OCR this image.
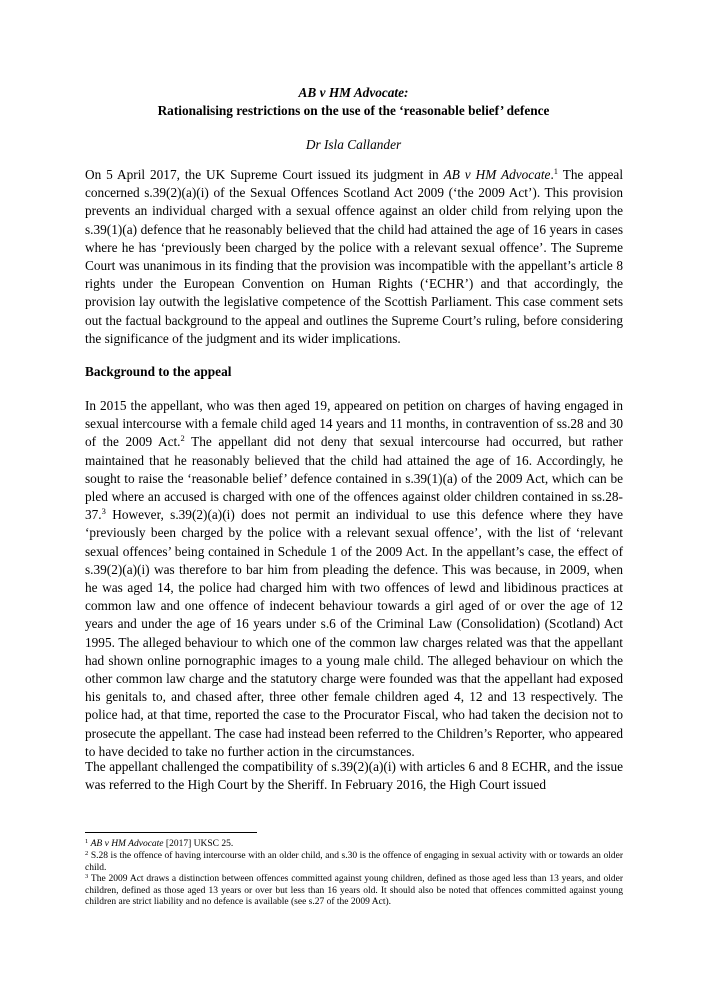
AB v HM Advocate:
Rationalising restrictions on the use of the ‘reasonable belief’ defence
Dr Isla Callander

On 5 April 2017, the UK Supreme Court issued its judgment in AB v HM Advocate.$^1$ The appeal concerned s.39(2)(a)(i) of the Sexual Offences Scotland Act 2009 (‘the 2009 Act’). This provision prevents an individual charged with a sexual offence against an older child from relying upon the s.39(1)(a) defence that he reasonably believed that the child had attained the age of 16 years in cases where he has ‘previously been charged by the police with a relevant sexual offence’. The Supreme Court was unanimous in its finding that the provision was incompatible with the appellant’s article 8 rights under the European Convention on Human Rights (‘ECHR’) and that accordingly, the provision lay outwith the legislative competence of the Scottish Parliament. This case comment sets out the factual background to the appeal and outlines the Supreme Court’s ruling, before considering the significance of the judgment and its wider implications.

Background to the appeal

In 2015 the appellant, who was then aged 19, appeared on petition on charges of having engaged in sexual intercourse with a female child aged 14 years and 11 months, in contravention of ss.28 and 30 of the 2009 Act.$^2$ The appellant did not deny that sexual intercourse had occurred, but rather maintained that he reasonably believed that the child had attained the age of 16. Accordingly, he sought to raise the ‘reasonable belief’ defence contained in s.39(1)(a) of the 2009 Act, which can be pled where an accused is charged with one of the offences against older children contained in ss.28-37.$^3$ However, s.39(2)(a)(i) does not permit an individual to use this defence where they have ‘previously been charged by the police with a relevant sexual offence’, with the list of ‘relevant sexual offences’ being contained in Schedule 1 of the 2009 Act. In the appellant’s case, the effect of s.39(2)(a)(i) was therefore to bar him from pleading the defence. This was because, in 2009, when he was aged 14, the police had charged him with two offences of lewd and libidinous practices at common law and one offence of indecent behaviour towards a girl aged of or over the age of 12 years and under the age of 16 years under s.6 of the Criminal Law (Consolidation) (Scotland) Act 1995. The alleged behaviour to which one of the common law charges related was that the appellant had shown online pornographic images to a young male child. The alleged behaviour on which the other common law charge and the statutory charge were founded was that the appellant had exposed his genitals to, and chased after, three other female children aged 4, 12 and 13 respectively. The police had, at that time, reported the case to the Procurator Fiscal, who had taken the decision not to prosecute the appellant. The case had instead been referred to the Children’s Reporter, who appeared to have decided to take no further action in the circumstances.

The appellant challenged the compatibility of s.39(2)(a)(i) with articles 6 and 8 ECHR, and the issue was referred to the High Court by the Sheriff. In February 2016, the High Court issued

$^1$ AB v HM Advocate [2017] UKSC 25.
$^2$ S.28 is the offence of having intercourse with an older child, and s.30 is the offence of engaging in sexual activity with or towards an older child.
$^3$ The 2009 Act draws a distinction between offences committed against young children, defined as those aged less than 13 years, and older children, defined as those aged 13 years or over but less than 16 years old. It should also be noted that offences committed against young children are strict liability and no defence is available (see s.27 of the 2009 Act).
